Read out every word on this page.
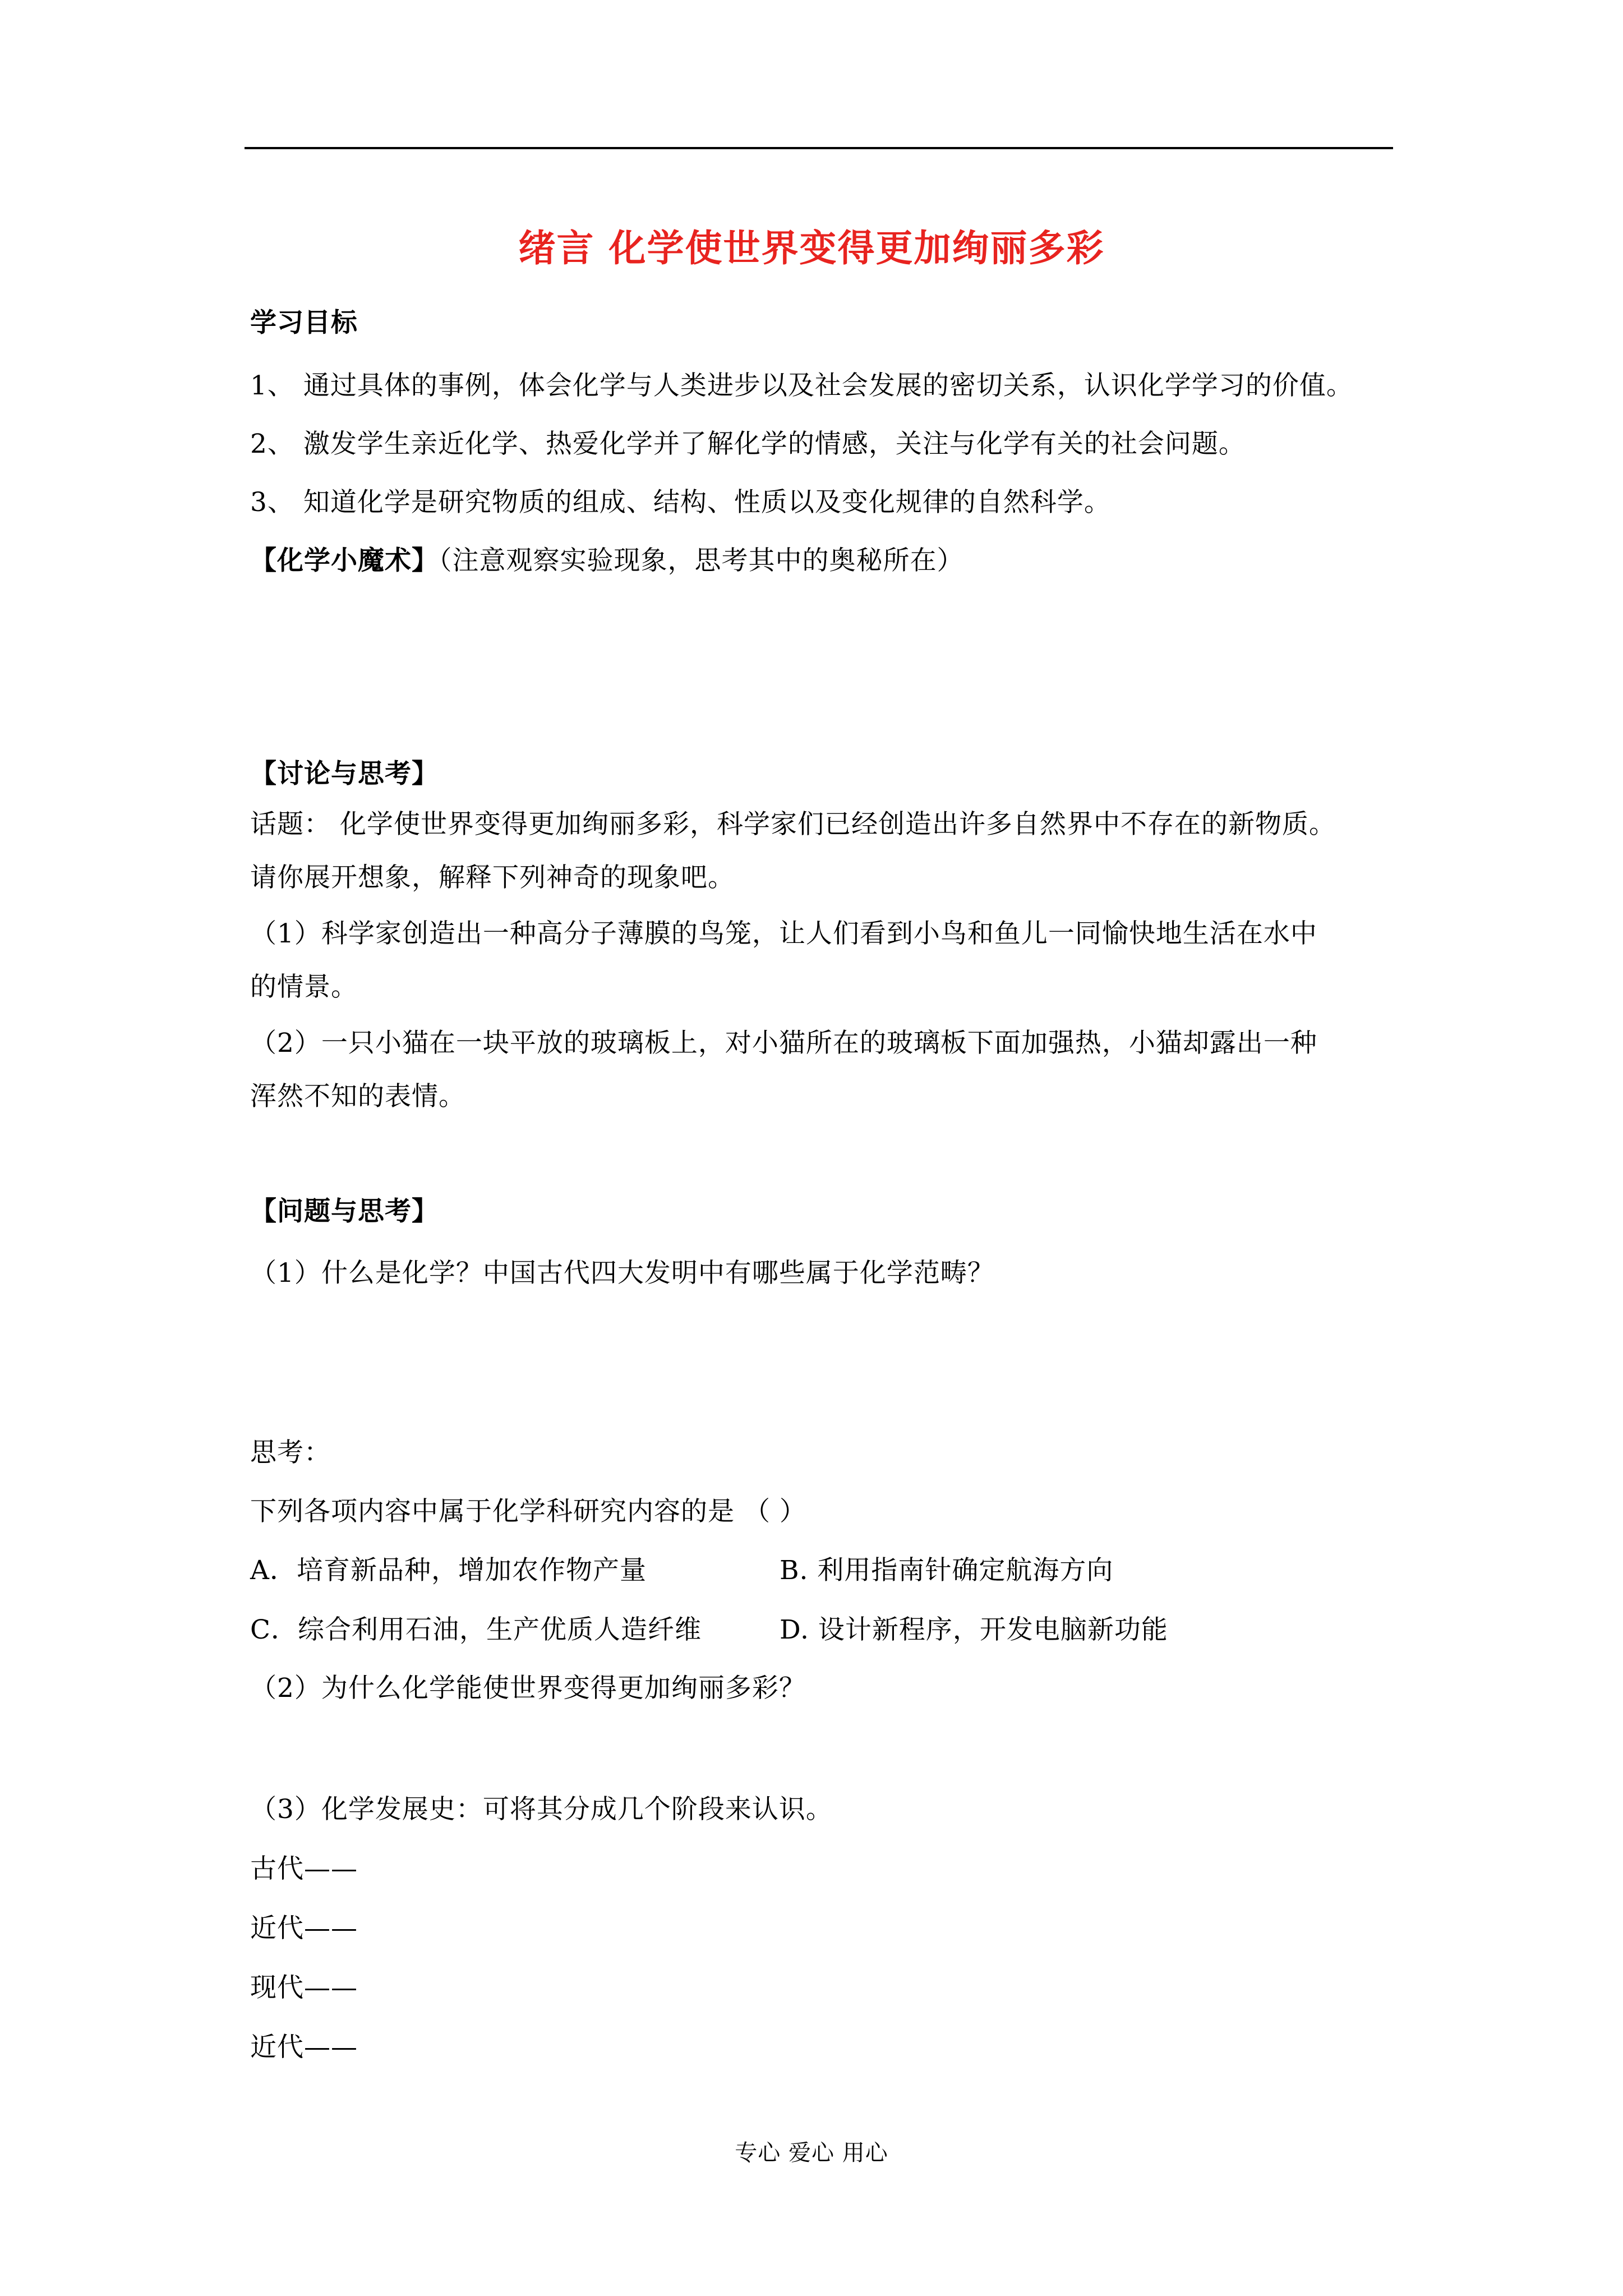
绪言 化学使世界变得更加绚丽多彩
学习目标
1、 通过具体的事例，体会化学与人类进步以及社会发展的密切关系，认识化学学习的价值。
2、 激发学生亲近化学、热爱化学并了解化学的情感，关注与化学有关的社会问题。
3、 知道化学是研究物质的组成、结构、性质以及变化规律的自然科学。
【化学小魔术】（注意观察实验现象，思考其中的奥秘所在）
【讨论与思考】
话题： 化学使世界变得更加绚丽多彩，科学家们已经创造出许多自然界中不存在的新物质。
请你展开想象，解释下列神奇的现象吧。
（1）科学家创造出一种高分子薄膜的鸟笼，让人们看到小鸟和鱼儿一同愉快地生活在水中
的情景。
（2）一只小猫在一块平放的玻璃板上，对小猫所在的玻璃板下面加强热，小猫却露出一种
浑然不知的表情。
【问题与思考】
（1）什么是化学？中国古代四大发明中有哪些属于化学范畴？
思考：
下列各项内容中属于化学科研究内容的是 （ ）
A．培育新品种，增加农作物产量	B. 利用指南针确定航海方向
C．综合利用石油，生产优质人造纤维	D. 设计新程序，开发电脑新功能
（2）为什么化学能使世界变得更加绚丽多彩？
（3）化学发展史：可将其分成几个阶段来认识。
古代——
近代——
现代——
近代——
专心 爱心 用心
